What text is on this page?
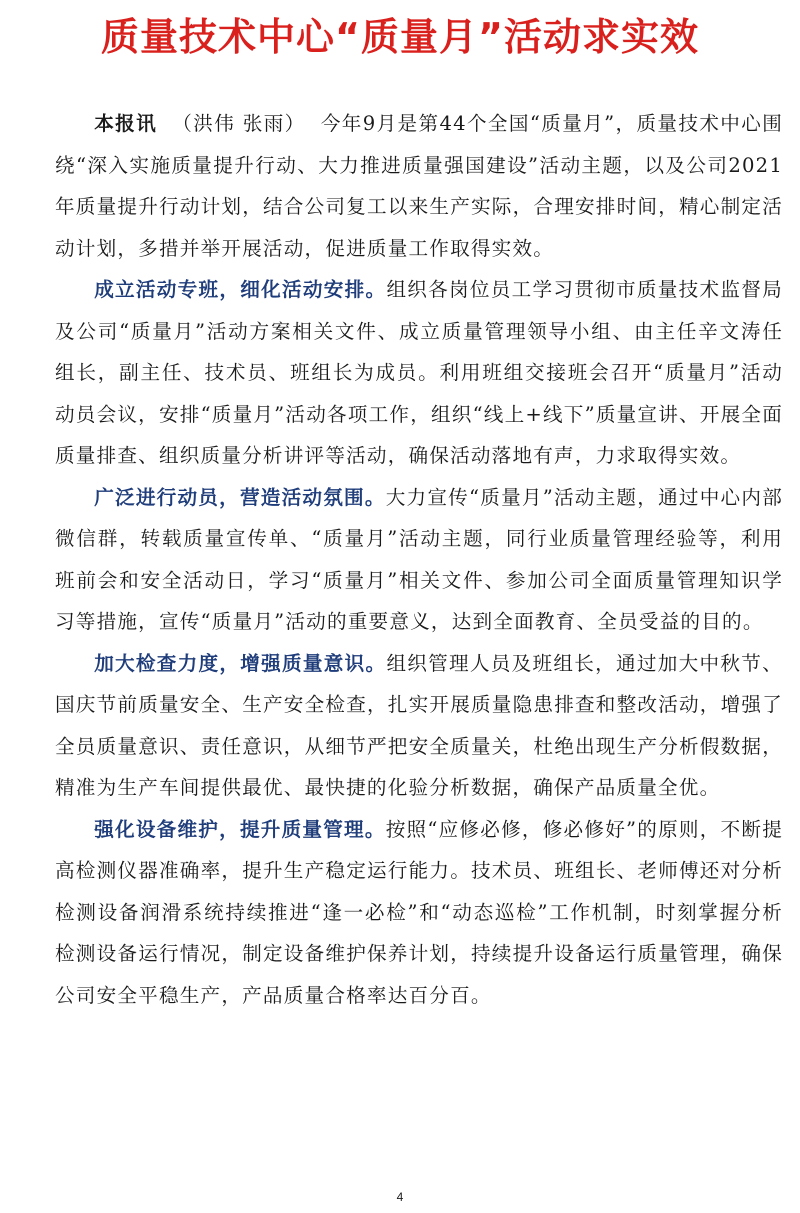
质量技术中心“质量月”活动求实效

本报讯 （洪伟 张雨） 今年9月是第44个全国“质量月”，质量技术中心围绕“深入实施质量提升行动、大力推进质量强国建设”活动主题，以及公司2021年质量提升行动计划，结合公司复工以来生产实际，合理安排时间，精心制定活动计划，多措并举开展活动，促进质量工作取得实效。

成立活动专班，细化活动安排。组织各岗位员工学习贯彻市质量技术监督局及公司“质量月”活动方案相关文件、成立质量管理领导小组、由主任辛文涛任组长，副主任、技术员、班组长为成员。利用班组交接班会召开“质量月”活动动员会议，安排“质量月”活动各项工作，组织“线上+线下”质量宣讲、开展全面质量排查、组织质量分析讲评等活动，确保活动落地有声，力求取得实效。

广泛进行动员，营造活动氛围。大力宣传“质量月”活动主题，通过中心内部微信群，转载质量宣传单、“质量月”活动主题，同行业质量管理经验等，利用班前会和安全活动日，学习“质量月”相关文件、参加公司全面质量管理知识学习等措施，宣传“质量月”活动的重要意义，达到全面教育、全员受益的目的。

加大检查力度，增强质量意识。组织管理人员及班组长，通过加大中秋节、国庆节前质量安全、生产安全检查，扎实开展质量隐患排查和整改活动，增强了全员质量意识、责任意识，从细节严把安全质量关，杜绝出现生产分析假数据，精准为生产车间提供最优、最快捷的化验分析数据，确保产品质量全优。

强化设备维护，提升质量管理。按照“应修必修，修必修好”的原则，不断提高检测仪器准确率，提升生产稳定运行能力。技术员、班组长、老师傅还对分析检测设备润滑系统持续推进“逢一必检”和“动态巡检”工作机制，时刻掌握分析检测设备运行情况，制定设备维护保养计划，持续提升设备运行质量管理，确保公司安全平稳生产，产品质量合格率达百分百。

4
